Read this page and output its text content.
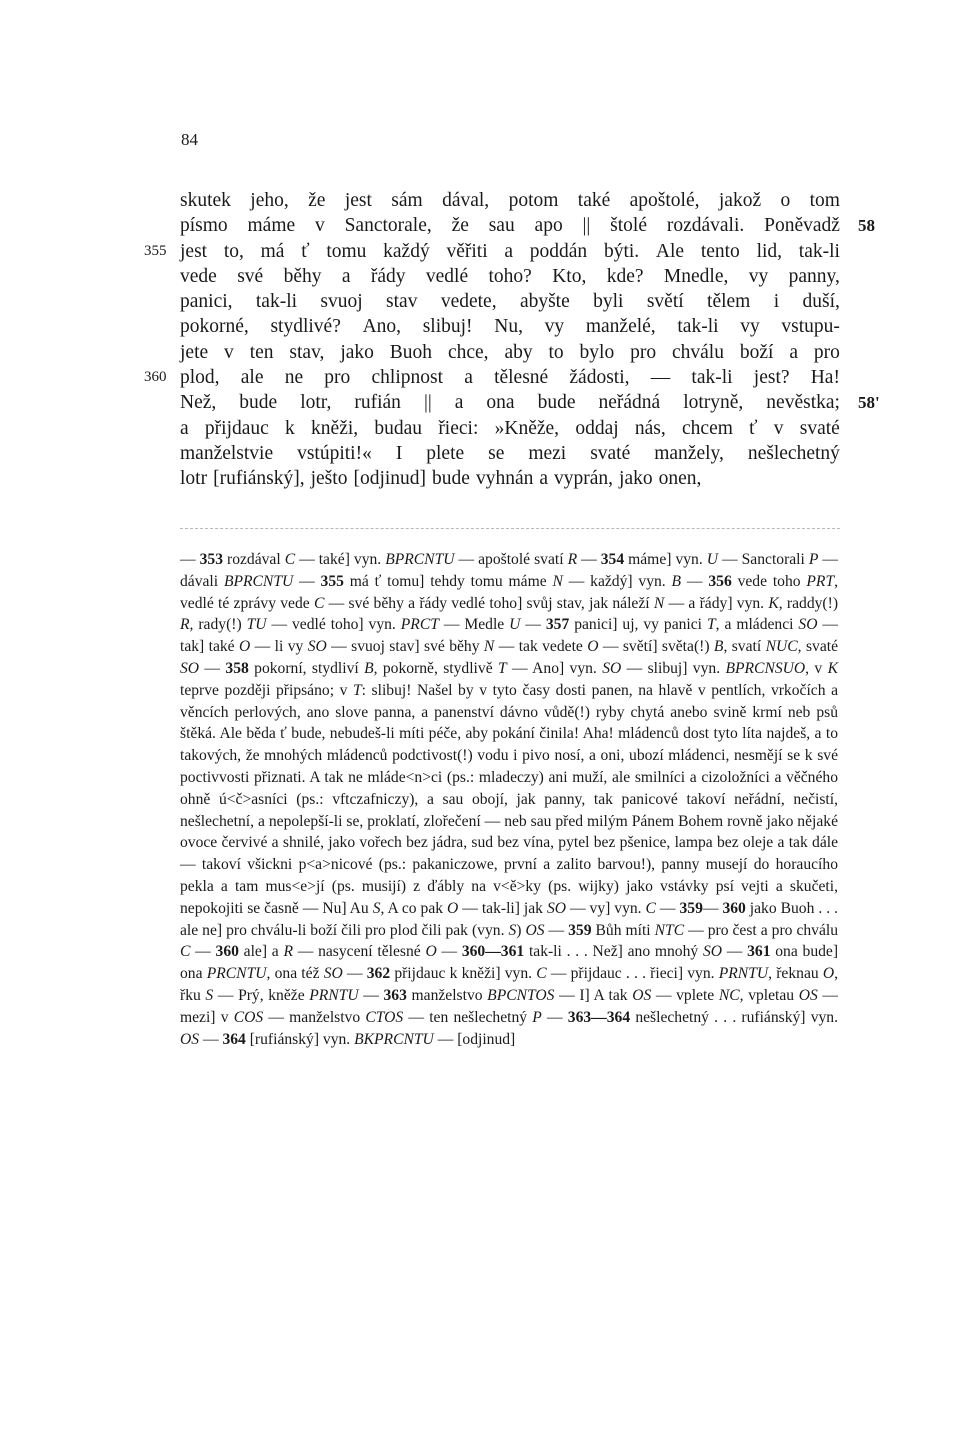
84
skutek jeho, že jest sám dával, potom také apoštolé, jakož o tom
písmo máme v Sanctorale, že sau apo || štolé rozdávali. Poněvadž 58
jest to, má ť tomu každý věřiti a poddán býti. Ale tento lid, tak-li
355
vede své běhy a řády vedlé toho? Kto, kde? Mnedle, vy panny,
panici, tak-li svuoj stav vedete, abyšte byli světí tělem i duší,
pokorné, stydlivé? Ano, slibuj! Nu, vy manželé, tak-li vy vstupu-
jete v ten stav, jako Buoh chce, aby to bylo pro chválu boží a pro
plod, ale ne pro chlipnost a tělesné žádosti, — tak-li jest? Ha!
360
Než, bude lotr, rufián || a ona bude neřádná lotryně, nevěstka; 58'
a přijdauc k kněži, budau řieci: »Kněže, oddaj nás, chcem ť v svaté
manželstvie vstúpiti!« I plete se mezi svaté manžely, nešlechetný
lotr [rufiánský], ještо [odjinud] bude vyhnán a vyprán, jako onen,
— 353 rozdával C — také] vyn. BPRCNTU — apoštolé svatí R — 354 máme] vyn. U — Sanctorali P — dávali BPRCNTU — 355 má ť tomu] tehdy tomu máme N — každý] vyn. B — 356 vede toho PRT, vedlé té zprávy vede C — své běhy a řády vedlé toho] svůj stav, jak náleží N — a řády] vyn. K, raddy(!) R, rady(!) TU — vedlé toho] vyn. PRCT — Medle U — 357 panici] uj, vy panici T, a mládenci SO — tak] také O — li vy SO — svuoj stav] své běhy N — tak vedete O — světí] světa(!) B, svatí NUC, svaté SO — 358 pokorní, stydliví B, pokorně, stydlivě T — Ano] vyn. SO — slibuj] vyn. BPRCNSUO, v K teprve později připsáno; v T: slibuj! Našel by v tyto časy dosti panen, na hlavě v pentlích, vrkočích a věncích perlových, ano slove panna, a panenství dávno vůdě(!) ryby chytá anebo svině krmí neb psů štěká. Ale běda ť bude, nebudeš-li míti péče, aby pokání činila! Aha! mládenců dost tyto líta najdeš, a to takových, že mnohých mládenců podctivost(!) vodu i pivo nosí, a oni, ubozí mládenci, nesmějí se k své poctivvosti přiznati. A tak ne mláde<n>ci (ps.: mladeczy) ani muží, ale smilníci a cizoložníci a věčného ohně ú<č>asníci (ps.: vftczafniczy), a sau obojí, jak panny, tak panicové takoví neřádní, nečistí, nešlechetní, a nepolepší-li se, proklatí, zlořečení — neb sau před milým Pánem Bohem rovně jako nějaké ovoce červivé a shnilé, jako vořech bez jádra, sud bez vína, pytel bez pšenice, lampa bez oleje a tak dále — takoví všickni p<a>nicové (ps.: pakaniczowe, první a zalito barvou!), panny musejí do horaucího pekla a tam mus<e>jí (ps. musijí) z ďábly na v<ě>ky (ps. wijky) jako vstávky psí vejti a skučeti, nepokojiti se časně — Nu] Au S, A co pak O — tak-li] jak SO — vy] vyn. C — 359— 360 jako Buoh . . . ale ne] pro chválu-li boží čili pro plod čili pak (vyn. S) OS — 359 Bůh míti NTC — pro čest a pro chválu C — 360 ale] a R — nasycení tělesné O — 360—361 tak-li . . . Než] ano mnohý SO — 361 ona bude] ona PRCNTU, ona též SO — 362 přijdauc k kněži] vyn. C — přijdauc . . . řieci] vyn. PRNTU, řeknau O, řku S — Prý, kněže PRNTU — 363 manželstvo BPCNTOS — I] A tak OS — vplete NC, vpletau OS — mezi] v COS — manželstvo CTOS — ten nešlechetný P — 363—364 nešlechetný . . . rufiánský] vyn. OS — 364 [rufiánský] vyn. BKPRCNTU — [odjinud]
